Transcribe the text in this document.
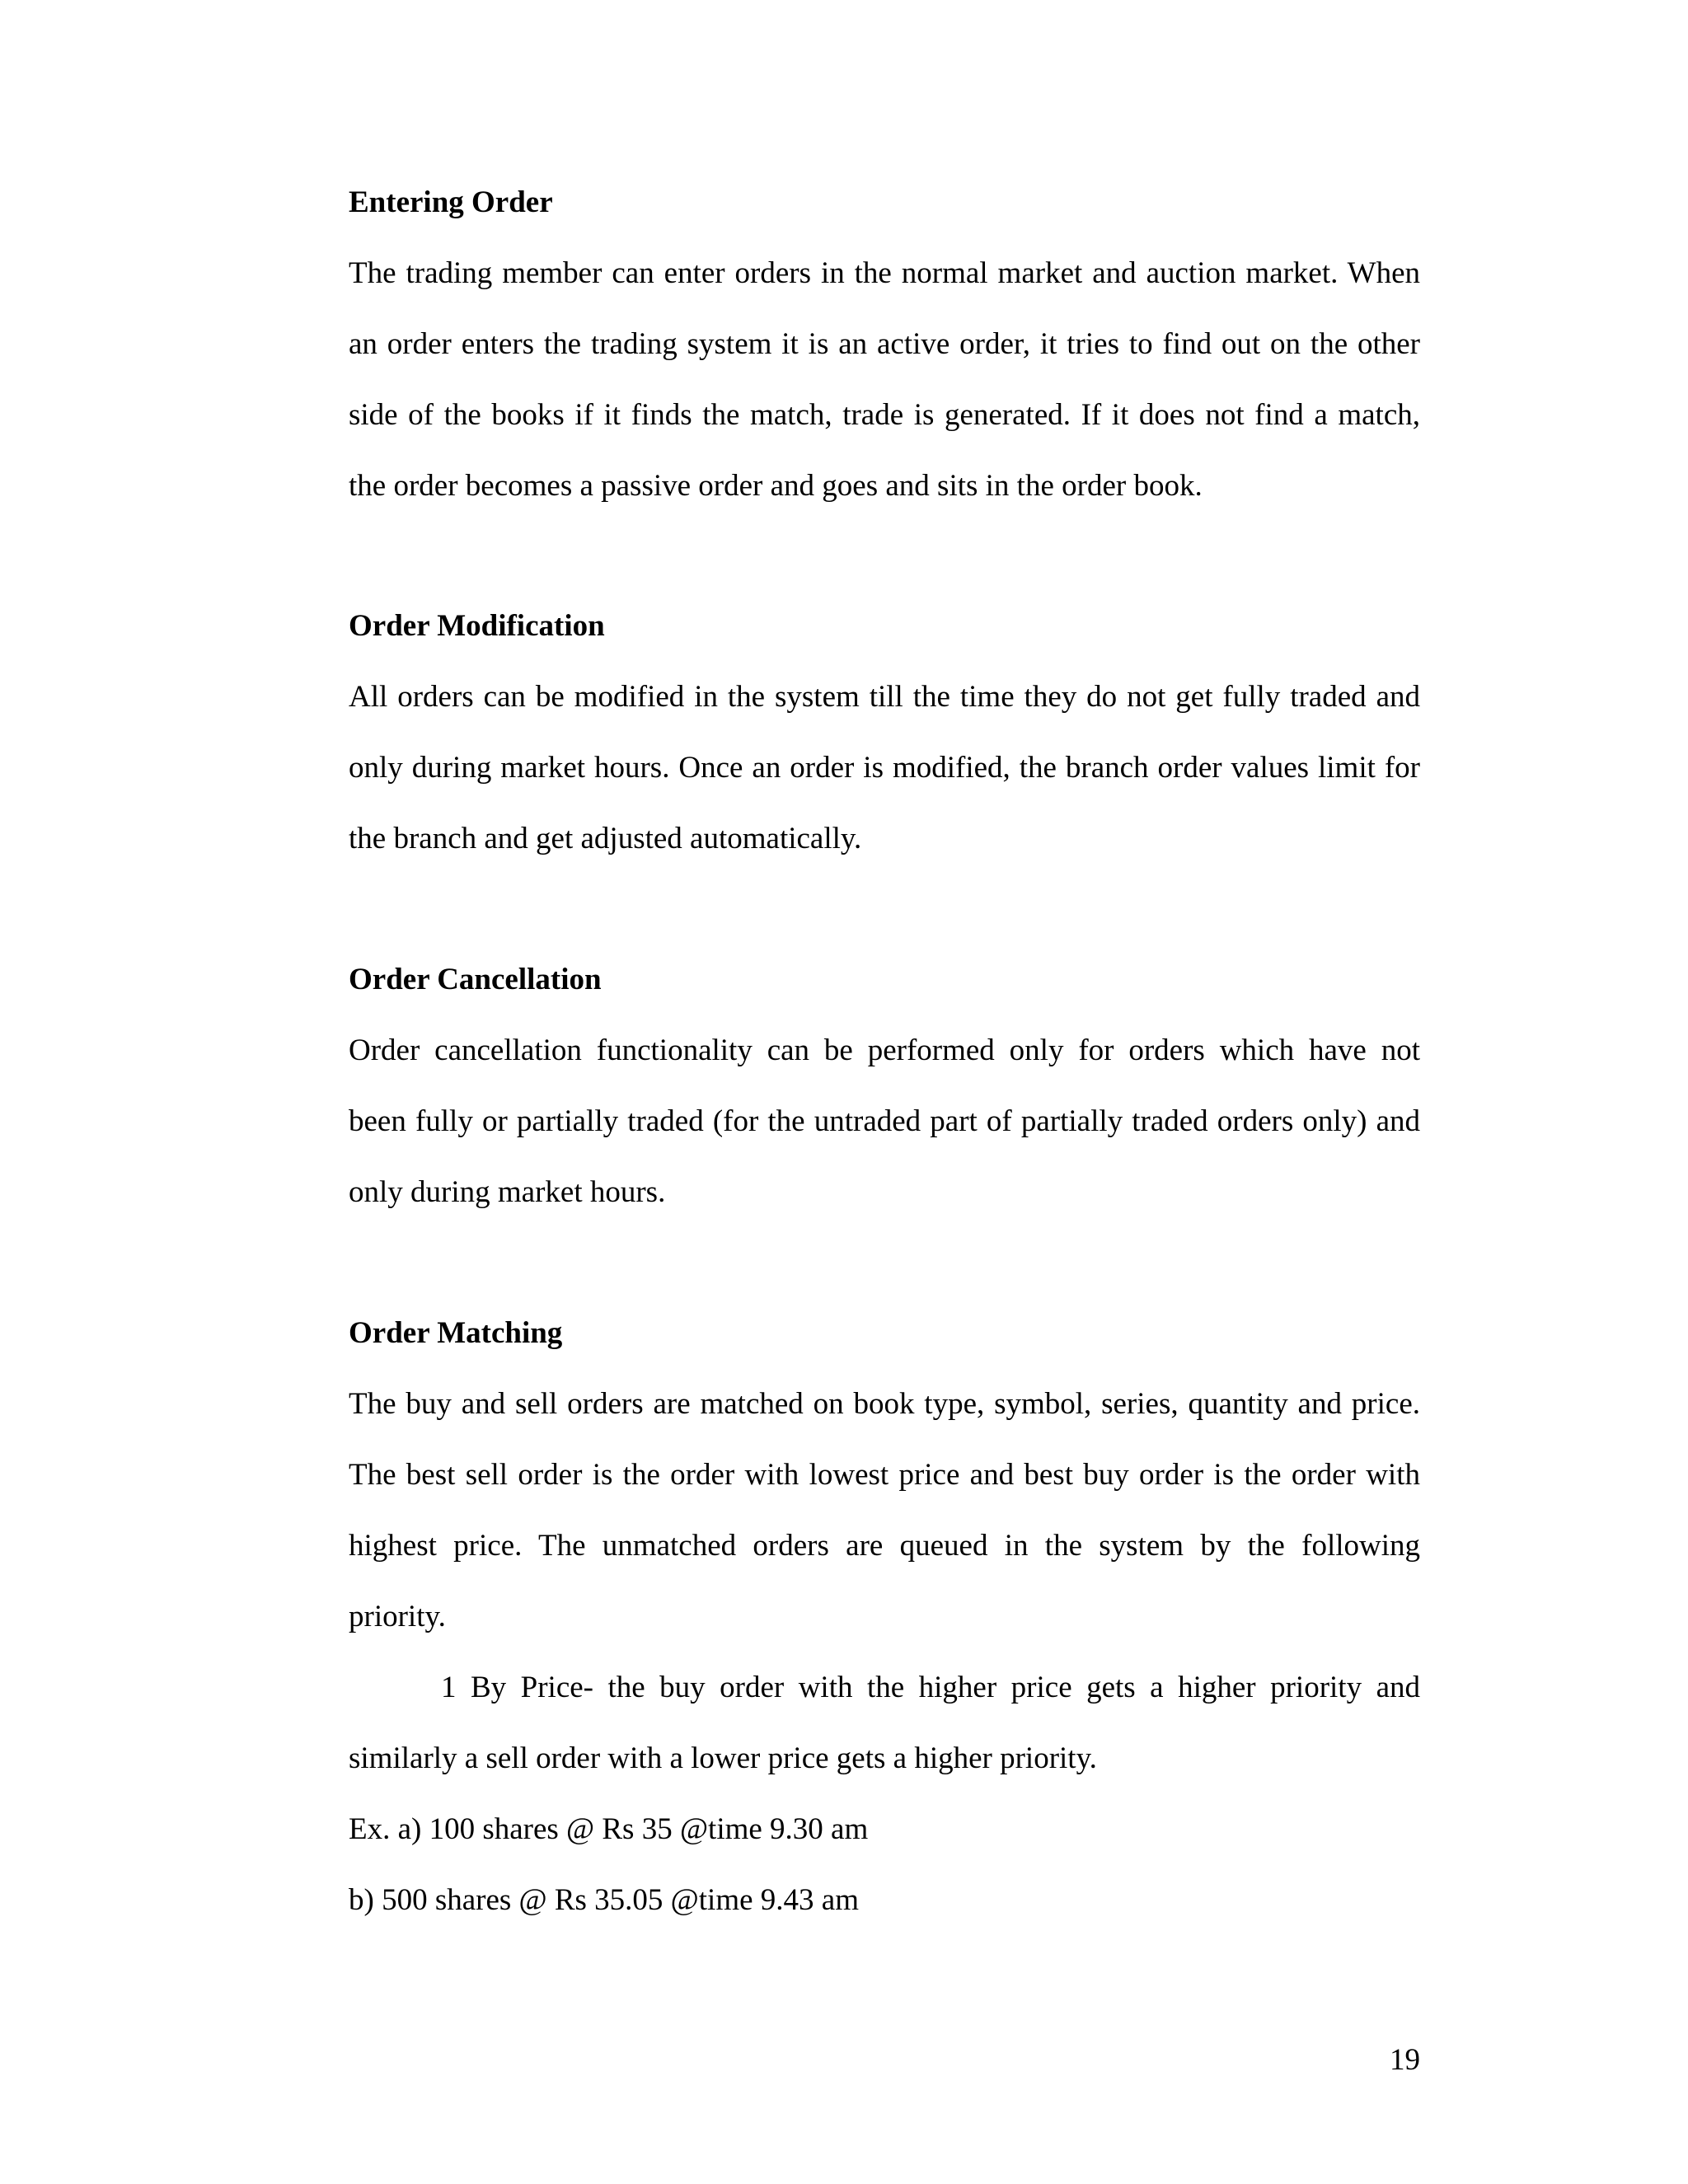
Entering Order
The trading member can enter orders in the normal market and auction market. When
an order enters the trading system it is an active order, it tries to find out on the other
side of the books if it finds the match, trade is generated. If it does not find a match,
the order becomes a passive order and goes and sits in the order book.
Order Modification
All orders can be modified in the system till the time they do not get fully traded and
only during market hours. Once an order is modified, the branch order values limit for
the branch and get adjusted automatically.
Order Cancellation
Order cancellation functionality can be performed only for orders which have not
been fully or partially traded (for the untraded part of partially traded orders only) and
only during market hours.
Order Matching
The buy and sell orders are matched on book type, symbol, series, quantity and price.
The best sell order is the order with lowest price and best buy order is the order with
highest price. The unmatched orders are queued in the system by the following
priority.
1 By Price- the buy order with the higher price gets a higher priority and
similarly a sell order with a lower price gets a higher priority.
Ex. a) 100 shares @ Rs 35 @time 9.30 am
b) 500 shares @ Rs 35.05 @time 9.43 am
19
